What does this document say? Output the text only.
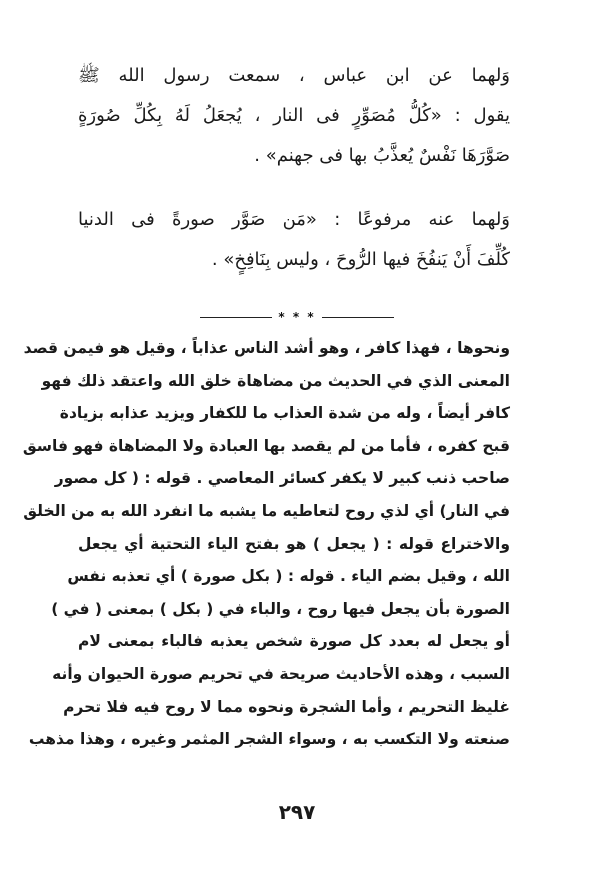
وَلهما عن ابن عباس ، سمعت رسول الله ﷺ
يقول : «كُلُّ مُصَوِّرٍ فى النار ، يُجعَلُ لَهُ بِكُلِّ صُورَةٍ
صَوَّرَهَا نَفْسٌ يُعذَّبُ بها فى جهنم» .
وَلهما عنه مرفوعًا : «مَن صَوَّر صورةً فى الدنيا
كُلِّفَ أَنْ يَنفُخَ فيها الرُّوحَ ، وليس بِنَافِخٍ» .
* * *
ونحوها ، فهذا كافر ، وهو أشد الناس عذاباً ، وقيل هو فيمن قصد
المعنى الذي في الحديث من مضاهاة خلق الله واعتقد ذلك فهو
كافر أيضاً ، وله من شدة العذاب ما للكفار ويزيد عذابه بزيادة
قبح كفره ، فأما من لم يقصد بها العبادة ولا المضاهاة فهو فاسق
صاحب ذنب كبير لا يكفر كسائر المعاصي . قوله : ( كل مصور
في النار) أي لذي روح لتعاطيه ما يشبه ما انفرد الله به من الخلق
والاختراع قوله : ( يجعل ) هو بفتح الياء التحتية أي يجعل
الله ، وقيل بضم الياء . قوله : ( بكل صورة ) أي تعذبه نفس
الصورة بأن يجعل فيها روح ، والباء في ( بكل ) بمعنى ( في )
أو يجعل له بعدد كل صورة شخص يعذبه فالباء بمعنى لام
السبب ، وهذه الأحاديث صريحة في تحريم صورة الحيوان وأنه
غليظ التحريم ، وأما الشجرة ونحوه مما لا روح فيه فلا تحرم
صنعته ولا التكسب به ، وسواء الشجر المثمر وغيره ، وهذا مذهب
٢٩٧
